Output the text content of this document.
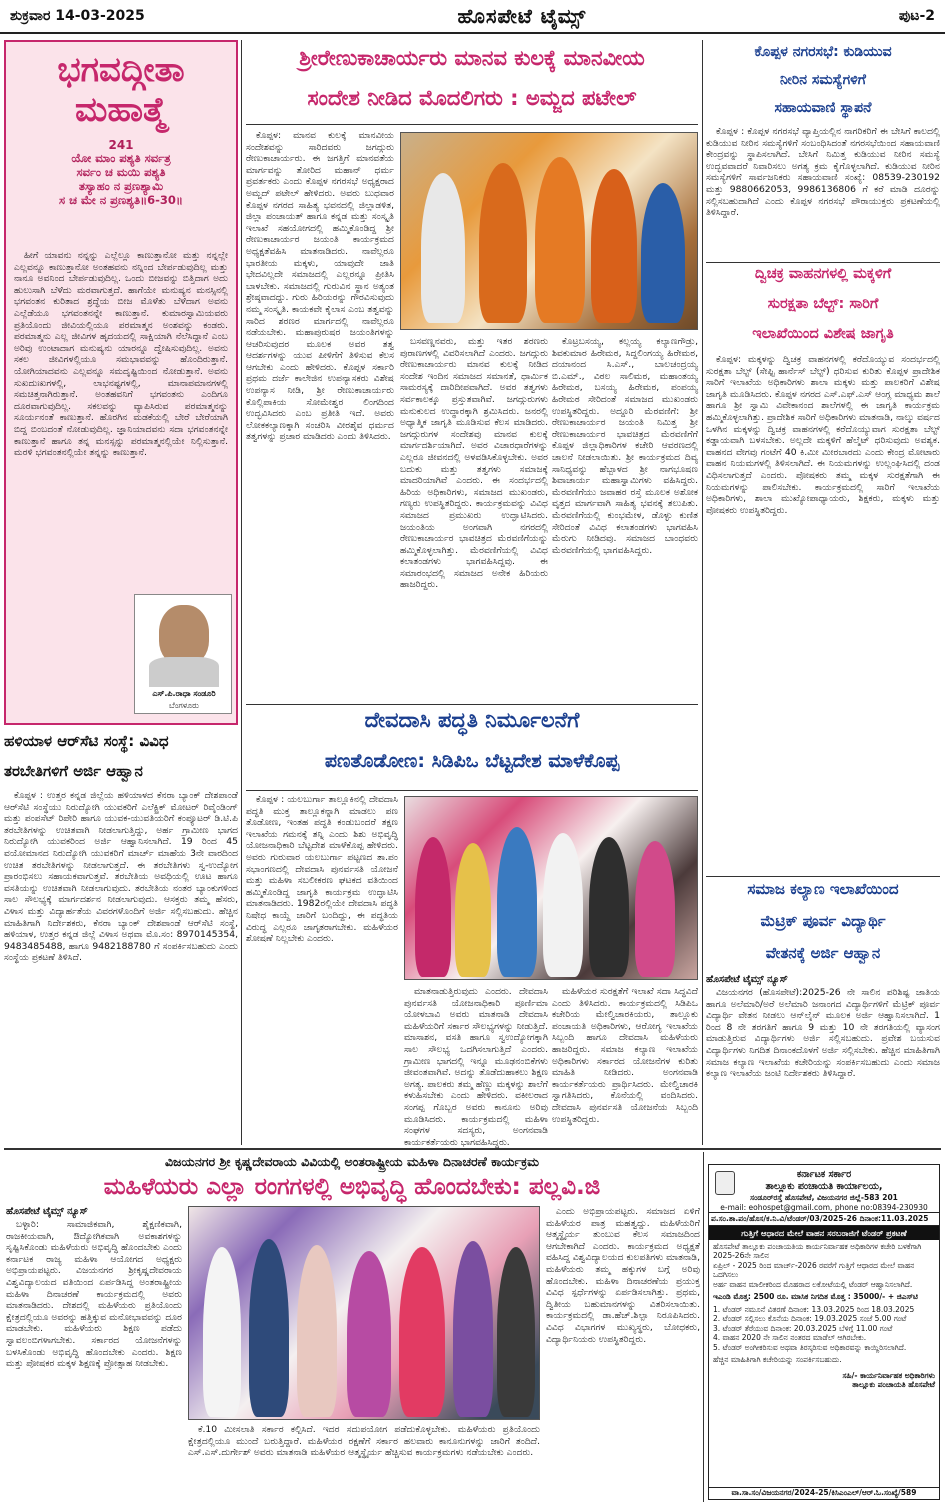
ಶುಕ್ರವಾರ 14-03-2025	ಹೊಸಪೇಟೆ ಟೈಮ್ಸ್	ಪುಟ-2
ಭಗವದ್ಗೀತಾ
ಮಹಾತ್ಮೆ
241
ಯೋ ಮಾಂ ಪಶ್ಯತಿ ಸರ್ವತ್ರ
ಸರ್ವಂ ಚ ಮಯಿ ಪಶ್ಯತಿ
ತಸ್ಯಾಹಂ ನ ಪ್ರಣಶ್ಯಾಮಿ
ಸ ಚ ಮೇ ನ ಪ್ರಣಶ್ಯತಿ॥6-30॥

ಹೀಗೆ ಯಾವನು ನನ್ನನ್ನು ಎಲ್ಲೆಲ್ಲೂ ಕಾಣುತ್ತಾನೋ ಮತ್ತು ನನ್ನಲ್ಲೇ ಎಲ್ಲವನ್ನೂ ಕಾಣುತ್ತಾನೋ ಅಂತಹವನು ನನ್ನಿಂದ ಬೇರ್ಪಡುವುದಿಲ್ಲ ಮತ್ತು ನಾನೂ ಅವನಿಂದ ಬೇರ್ಪಡುವುದಿಲ್ಲ. ಒಂದು ಬೀಜವನ್ನು ಬಿತ್ತಿದಾಗ ಅದು ಹುಲುಸಾಗಿ ಬೆಳೆದು ಮರವಾಗುತ್ತದೆ. ಹಾಗೆಯೇ ಮನುಷ್ಯನ ಮನಸ್ಸಿನಲ್ಲಿ ಭಗವಂತನ ಕುರಿತಾದ ಶ್ರದ್ಧೆಯ ಬೀಜ ಮೊಳೆತು ಬೆಳೆದಾಗ ಅವನು ಎಲ್ಲೆಡೆಯೂ ಭಗವಂತನನ್ನೇ ಕಾಣುತ್ತಾನೆ. ಕುಮಾರಸ್ವಾಮಿಯವರು ಪ್ರತಿಯೊಂದು ಜೀವಿಯಲ್ಲಿಯೂ ಪರಮಾತ್ಮನ ಅಂಶವನ್ನು ಕಂಡರು. ಪರಮಾತ್ಮನು ಎಲ್ಲ ಜೀವಿಗಳ ಹೃದಯದಲ್ಲಿ ಸಾಕ್ಷಿಯಾಗಿ ನೆಲೆಸಿದ್ದಾನೆ ಎಂಬ ಅರಿವು ಉಂಟಾದಾಗ ಮನುಷ್ಯನು ಯಾರನ್ನೂ ದ್ವೇಷಿಸುವುದಿಲ್ಲ. ಅವನು ಸಕಲ ಜೀವಿಗಳಲ್ಲಿಯೂ ಸಮಭಾವವನ್ನು ಹೊಂದಿರುತ್ತಾನೆ. ಯೋಗಿಯಾದವನು ಎಲ್ಲವನ್ನೂ ಸಮದೃಷ್ಟಿಯಿಂದ ನೋಡುತ್ತಾನೆ. ಅವನು ಸುಖದುಃಖಗಳಲ್ಲಿ, ಲಾಭನಷ್ಟಗಳಲ್ಲಿ, ಮಾನಾಪಮಾನಗಳಲ್ಲಿ ಸಮಚಿತ್ತನಾಗಿರುತ್ತಾನೆ. ಅಂತಹವನಿಗೆ ಭಗವಂತನು ಎಂದಿಗೂ ದೂರವಾಗುವುದಿಲ್ಲ. ಸಕಲವನ್ನು ವ್ಯಾಪಿಸಿರುವ ಪರಮಾತ್ಮನನ್ನು ಸೂರ್ಯನಂತೆ ಕಾಣುತ್ತಾನೆ. ಹೊರಗಿನ ಮಡಕೆಯಲ್ಲಿ ಬೇರೆ ಬೇರೆಯಾಗಿ ಬಿದ್ದ ಬಿಂಬದಂತೆ ನೋಡುವುದಿಲ್ಲ. ಜ್ಞಾನಿಯಾದವನು ಸದಾ ಭಗವಂತನನ್ನೇ ಕಾಣುತ್ತಾನೆ ಹಾಗೂ ತನ್ನ ಮನಸ್ಸನ್ನು ಪರಮಾತ್ಮನಲ್ಲಿಯೇ ನಿಲ್ಲಿಸುತ್ತಾನೆ. ಮರಳಿ ಭಗವಂತನಲ್ಲಿಯೇ ತನ್ನನ್ನು ಕಾಣುತ್ತಾನೆ.

ಎಸ್.ಪಿ.ರಾಧಾ ಸಂಡೂರಿ
ಬೆಂಗಳೂರು
ಹಳಿಯಾಳ ಆರ್‌ಸೆಟಿ ಸಂಸ್ಥೆ: ವಿವಿಧ
ತರಬೇತಿಗಳಿಗೆ ಅರ್ಜಿ ಆಹ್ವಾನ

ಕೊಪ್ಪಳ : ಉತ್ತರ ಕನ್ನಡ ಜಿಲ್ಲೆಯ ಹಳಿಯಾಳದ ಕೆನರಾ ಬ್ಯಾಂಕ್ ದೇಶಪಾಂಡೆ ಆರ್‌ಸೆಟಿ ಸಂಸ್ಥೆಯು ನಿರುದ್ಯೋಗಿ ಯುವಕರಿಗೆ ಎಲೆಕ್ಟ್ರಿಕ್ ಮೋಟರ್ ರಿವೈಂಡಿಂಗ್ ಮತ್ತು ಪಂಪಸೆಟ್ ರಿಪೇರಿ ಹಾಗೂ ಯುವಕ-ಯುವತಿಯರಿಗೆ ಕಂಪ್ಯೂಟರ್ ಡಿ.ಟಿ.ಪಿ ತರಬೇತಿಗಳನ್ನು ಉಚಿತವಾಗಿ ನೀಡಲಾಗುತ್ತಿದ್ದು, ಅರ್ಹ ಗ್ರಾಮೀಣ ಭಾಗದ ನಿರುದ್ಯೋಗಿ ಯುವಕರಿಂದ ಅರ್ಜಿ ಆಹ್ವಾನಿಸಲಾಗಿದೆ. 19 ರಿಂದ 45 ವಯೋಮಾನದ ನಿರುದ್ಯೋಗಿ ಯುವಕರಿಗೆ ಮಾರ್ಚ್ ಮಾಹೆಯ 3ನೇ ವಾರದಿಂದ ಉಚಿತ ತರಬೇತಿಗಳನ್ನು ನೀಡಲಾಗುತ್ತದೆ. ಈ ತರಬೇತಿಗಳು ಸ್ವ-ಉದ್ಯೋಗ ಪ್ರಾರಂಭಿಸಲು ಸಹಾಯಕವಾಗುತ್ತವೆ. ತರಬೇತಿಯ ಅವಧಿಯಲ್ಲಿ ಊಟ ಹಾಗೂ ವಸತಿಯನ್ನು ಉಚಿತವಾಗಿ ನೀಡಲಾಗುವುದು. ತರಬೇತಿಯ ನಂತರ ಬ್ಯಾಂಕುಗಳಿಂದ ಸಾಲ ಸೌಲಭ್ಯಕ್ಕೆ ಮಾರ್ಗದರ್ಶನ ನೀಡಲಾಗುವುದು. ಆಸಕ್ತರು ತಮ್ಮ ಹೆಸರು, ವಿಳಾಸ ಮತ್ತು ವಿದ್ಯಾರ್ಹತೆಯ ವಿವರಗಳೊಂದಿಗೆ ಅರ್ಜಿ ಸಲ್ಲಿಸಬಹುದು. ಹೆಚ್ಚಿನ ಮಾಹಿತಿಗಾಗಿ ನಿರ್ದೇಶಕರು, ಕೆನರಾ ಬ್ಯಾಂಕ್ ದೇಶಪಾಂಡೆ ಆರ್‌ಸೆಟಿ ಸಂಸ್ಥೆ, ಹಳಿಯಾಳ, ಉತ್ತರ ಕನ್ನಡ ಜಿಲ್ಲೆ ವಿಳಾಸ ಅಥವಾ ಮೊ.ಸಂ: 8970145354, 9483485488, ಹಾಗೂ 9482188780 ಗೆ ಸಂಪರ್ಕಿಸಬಹುದು ಎಂದು ಸಂಸ್ಥೆಯ ಪ್ರಕಟಣೆ ತಿಳಿಸಿದೆ.

ಶ್ರೀರೇಣುಕಾಚಾರ್ಯರು ಮಾನವ ಕುಲಕ್ಕೆ ಮಾನವೀಯ
ಸಂದೇಶ ನೀಡಿದ ಮೊದಲಿಗರು : ಅಮ್ಜದ ಪಟೇಲ್

ಕೊಪ್ಪಳ: ಮಾನವ ಕುಲಕ್ಕೆ ಮಾನವೀಯ ಸಂದೇಶವನ್ನು ಸಾರಿದವರು ಜಗದ್ಗುರು ರೇಣುಕಾಚಾರ್ಯರು. ಈ ಜಗತ್ತಿಗೆ ಮಾನವತೆಯ ಮಾರ್ಗವನ್ನು ತೋರಿದ ಮಹಾನ್ ಧರ್ಮ ಪ್ರವರ್ತಕರು ಎಂದು ಕೊಪ್ಪಳ ನಗರಸಭೆ ಅಧ್ಯಕ್ಷರಾದ ಅಮ್ಜದ್ ಪಟೇಲ್ ಹೇಳಿದರು. ಅವರು ಬುಧವಾರ ಕೊಪ್ಪಳ ನಗರದ ಸಾಹಿತ್ಯ ಭವನದಲ್ಲಿ ಜಿಲ್ಲಾಡಳಿತ, ಜಿಲ್ಲಾ ಪಂಚಾಯತ್ ಹಾಗೂ ಕನ್ನಡ ಮತ್ತು ಸಂಸ್ಕೃತಿ ಇಲಾಖೆ ಸಹಯೋಗದಲ್ಲಿ ಹಮ್ಮಿಕೊಂಡಿದ್ದ ಶ್ರೀ ರೇಣುಕಾಚಾರ್ಯರ ಜಯಂತಿ ಕಾರ್ಯಕ್ರಮದ ಅಧ್ಯಕ್ಷತೆವಹಿಸಿ ಮಾತನಾಡಿದರು. ನಾವೆಲ್ಲರೂ ಭಾರತೀಯ ಮಕ್ಕಳು, ಯಾವುದೇ ಜಾತಿ ಭೇದವಿಲ್ಲದೇ ಸಮಾಜದಲ್ಲಿ ಎಲ್ಲರನ್ನೂ ಪ್ರೀತಿಸಿ ಬಾಳಬೇಕು. ಸಮಾಜದಲ್ಲಿ ಗುರುವಿನ ಸ್ಥಾನ ಅತ್ಯಂತ ಶ್ರೇಷ್ಠವಾದದ್ದು. ಗುರು ಹಿರಿಯರನ್ನು ಗೌರವಿಸುವುದು ನಮ್ಮ ಸಂಸ್ಕೃತಿ. ಕಾಯಕವೇ ಕೈಲಾಸ ಎಂಬ ತತ್ವವನ್ನು ಸಾರಿದ ಶರಣರ ಮಾರ್ಗದಲ್ಲಿ ನಾವೆಲ್ಲರೂ ನಡೆಯಬೇಕು. ಮಹಾಪುರುಷರ ಜಯಂತಿಗಳನ್ನು ಆಚರಿಸುವುದರ ಮೂಲಕ ಅವರ ತತ್ವ ಆದರ್ಶಗಳನ್ನು ಯುವ ಪೀಳಿಗೆಗೆ ತಿಳಿಸುವ ಕೆಲಸ ಆಗಬೇಕು ಎಂದು ಹೇಳಿದರು. ಕೊಪ್ಪಳ ಸರ್ಕಾರಿ ಪ್ರಥಮ ದರ್ಜೆ ಕಾಲೇಜಿನ ಉಪನ್ಯಾಸಕರು ವಿಶೇಷ ಉಪನ್ಯಾಸ ನೀಡಿ, ಶ್ರೀ ರೇಣುಕಾಚಾರ್ಯರು ಕೊಲ್ಲಿಪಾಕಿಯ ಸೋಮೇಶ್ವರ ಲಿಂಗದಿಂದ ಉದ್ಭವಿಸಿದರು ಎಂಬ ಪ್ರತೀತಿ ಇದೆ. ಅವರು ಲೋಕಕಲ್ಯಾಣಕ್ಕಾಗಿ ಸಂಚರಿಸಿ ವೀರಶೈವ ಧರ್ಮದ ತತ್ವಗಳನ್ನು ಪ್ರಚಾರ ಮಾಡಿದರು ಎಂದು ತಿಳಿಸಿದರು.

ಬಸವಣ್ಣನವರು, ಮತ್ತು ಇತರ ಶರಣರು ಪುರಾಣಗಳಲ್ಲಿ ವಿವರಿಸಲಾಗಿದೆ ಎಂದರು. ಜಗದ್ಗುರು ರೇಣುಕಾಚಾರ್ಯರು ಮಾನವ ಕುಲಕ್ಕೆ ನೀಡಿದ ಸಂದೇಶ ಇಂದಿನ ಸಮಾಜದ ಸಮಾನತೆ, ಧಾರ್ಮಿಕ ಸಾಮರಸ್ಯಕ್ಕೆ ದಾರಿದೀಪವಾಗಿದೆ. ಅವರ ತತ್ವಗಳು ಸರ್ವಕಾಲಕ್ಕೂ ಪ್ರಸ್ತುತವಾಗಿವೆ. ಜಗದ್ಗುರುಗಳು ಮನುಕುಲದ ಉದ್ಧಾರಕ್ಕಾಗಿ ಶ್ರಮಿಸಿದರು. ಜನರಲ್ಲಿ ಅಧ್ಯಾತ್ಮಿಕ ಜಾಗೃತಿ ಮೂಡಿಸುವ ಕೆಲಸ ಮಾಡಿದರು. ಜಗದ್ಗುರುಗಳ ಸಂದೇಶವು ಮಾನವ ಕುಲಕ್ಕೆ ಮಾರ್ಗದರ್ಶಿಯಾಗಿದೆ. ಅವರ ವಿಚಾರಧಾರೆಗಳನ್ನು ಎಲ್ಲರೂ ಜೀವನದಲ್ಲಿ ಅಳವಡಿಸಿಕೊಳ್ಳಬೇಕು. ಅವರ ಬದುಕು ಮತ್ತು ತತ್ವಗಳು ಸಮಾಜಕ್ಕೆ ಮಾದರಿಯಾಗಿವೆ ಎಂದರು. ಈ ಸಂದರ್ಭದಲ್ಲಿ ಹಿರಿಯ ಅಧಿಕಾರಿಗಳು, ಸಮಾಜದ ಮುಖಂಡರು, ಗಣ್ಯರು ಉಪಸ್ಥಿತರಿದ್ದರು. ಕಾರ್ಯಕ್ರಮವನ್ನು ವಿವಿಧ ಸಮಾಜದ ಪ್ರಮುಖರು ಉದ್ಘಾಟಿಸಿದರು. ಜಯಂತಿಯ ಅಂಗವಾಗಿ ನಗರದಲ್ಲಿ ರೇಣುಕಾಚಾರ್ಯರ ಭಾವಚಿತ್ರದ ಮೆರವಣಿಗೆಯನ್ನು ಹಮ್ಮಿಕೊಳ್ಳಲಾಗಿತ್ತು. ಮೆರವಣಿಗೆಯಲ್ಲಿ ವಿವಿಧ ಕಲಾತಂಡಗಳು ಭಾಗವಹಿಸಿದ್ದವು. ಈ ಸಮಾರಂಭದಲ್ಲಿ ಸಮಾಜದ ಅನೇಕ ಹಿರಿಯರು ಹಾಜರಿದ್ದರು.

ಕೊಟ್ರಬಸಯ್ಯ, ಕಲ್ಲಯ್ಯ ಕಲ್ಯಾಣಗೌಡ್ರು, ಶಿವಕುಮಾರ ಹಿರೇಮಠ, ಸಿದ್ದಲಿಂಗಯ್ಯ ಹಿರೇಮಠ, ದಯಾನಂದ ಸಿ.ಎಸ್., ಬಾಲಚಂದ್ರಯ್ಯ ಬಿ.ಎಮ್., ವಿಠಲ ಸಾಲಿಮಠ, ಮಹಾಂತಯ್ಯ ಹಿರೇಮಠ, ಬಸಯ್ಯ ಹಿರೇಮಠ, ಪಂಪಯ್ಯ ಹಿರೇಮಠ ಸೇರಿದಂತೆ ಸಮಾಜದ ಮುಖಂಡರು ಉಪಸ್ಥಿತರಿದ್ದರು. ಅದ್ದೂರಿ ಮೆರವಣಿಗೆ: ಶ್ರೀ ರೇಣುಕಾಚಾರ್ಯರ ಜಯಂತಿ ನಿಮಿತ್ತ ಶ್ರೀ ರೇಣುಕಾಚಾರ್ಯರ ಭಾವಚಿತ್ರದ ಮೆರವಣಿಗೆಗೆ ಕೊಪ್ಪಳ ಜಿಲ್ಲಾಧಿಕಾರಿಗಳ ಕಚೇರಿ ಆವರಣದಲ್ಲಿ ಚಾಲನೆ ನೀಡಲಾಯಿತು. ಶ್ರೀ ಕಾರ್ಯಕ್ರಮದ ದಿವ್ಯ ಸಾನಿಧ್ಯವನ್ನು ಹೆಬ್ಬಾಳದ ಶ್ರೀ ನಾಗಭೂಷಣ ಶಿವಾಚಾರ್ಯ ಮಹಾಸ್ವಾಮಿಗಳು ವಹಿಸಿದ್ದರು. ಮೆರವಣಿಗೆಯು ಜವಾಹರ ರಸ್ತೆ ಮೂಲಕ ಅಶೋಕ ವೃತ್ತದ ಮಾರ್ಗವಾಗಿ ಸಾಹಿತ್ಯ ಭವನಕ್ಕೆ ತಲುಪಿತು. ಮೆರವಣಿಗೆಯಲ್ಲಿ ಕುಂಭಮೇಳ, ಡೊಳ್ಳು ಕುಣಿತ ಸೇರಿದಂತೆ ವಿವಿಧ ಕಲಾತಂಡಗಳು ಭಾಗವಹಿಸಿ ಮೆರುಗು ನೀಡಿದವು. ಸಮಾಜದ ಬಾಂಧವರು ಮೆರವಣಿಗೆಯಲ್ಲಿ ಭಾಗವಹಿಸಿದ್ದರು.

ದೇವದಾಸಿ ಪದ್ಧತಿ ನಿರ್ಮೂಲನೆಗೆ
ಪಣತೊಡೋಣ: ಸಿಡಿಪಿಒ ಬೆಟ್ಟದೇಶ ಮಾಳೆಕೊಪ್ಪ

ಕೊಪ್ಪಳ : ಯಲಬುರ್ಗಾ ತಾಲ್ಲೂಕಿನಲ್ಲಿ ದೇವದಾಸಿ ಪದ್ಧತಿ ಮುಕ್ತ ತಾಲ್ಲೂಕನ್ನಾಗಿ ಮಾಡಲು ಪಣ ತೊಡೋಣ, ಇಂತಹ ಪದ್ಧತಿ ಕಂಡುಬಂದರೆ ತಕ್ಷಣ ಇಲಾಖೆಯ ಗಮನಕ್ಕೆ ತನ್ನಿ ಎಂದು ಶಿಶು ಅಭಿವೃದ್ಧಿ ಯೋಜನಾಧಿಕಾರಿ ಬೆಟ್ಟದೇಶ ಮಾಳೆಕೊಪ್ಪ ಹೇಳಿದರು. ಅವರು ಗುರುವಾರ ಯಲಬುರ್ಗಾ ಪಟ್ಟಣದ ತಾ.ಪಂ ಸಭಾಂಗಣದಲ್ಲಿ ದೇವದಾಸಿ ಪುನರ್ವಸತಿ ಯೋಜನೆ ಮತ್ತು ಮಹಿಳಾ ಸಬಲೀಕರಣ ಘಟಕದ ವತಿಯಿಂದ ಹಮ್ಮಿಕೊಂಡಿದ್ದ ಜಾಗೃತಿ ಕಾರ್ಯಕ್ರಮ ಉದ್ಘಾಟಿಸಿ ಮಾತನಾಡಿದರು. 1982ರಲ್ಲಿಯೇ ದೇವದಾಸಿ ಪದ್ಧತಿ ನಿಷೇಧ ಕಾಯ್ದೆ ಜಾರಿಗೆ ಬಂದಿದ್ದು, ಈ ಪದ್ಧತಿಯ ವಿರುದ್ಧ ಎಲ್ಲರೂ ಜಾಗೃತರಾಗಬೇಕು. ಮಹಿಳೆಯರ ಶೋಷಣೆ ನಿಲ್ಲಬೇಕು ಎಂದರು.

ಮಾತನಾಡುತ್ತಿರುವುದು ಎಂದರು. ದೇವದಾಸಿ ಪುನರ್ವಸತಿ ಯೋಜನಾಧಿಕಾರಿ ಪೂರ್ಣಿಮಾ ಯೋಳಬಾವಿ ಅವರು ಮಾತನಾಡಿ ದೇವದಾಸಿ ಮಹಿಳೆಯರಿಗೆ ಸರ್ಕಾರ ಸೌಲಭ್ಯಗಳನ್ನು ನೀಡುತ್ತಿದೆ. ಮಾಸಾಶನ, ವಸತಿ ಹಾಗೂ ಸ್ವಉದ್ಯೋಗಕ್ಕಾಗಿ ಸಾಲ ಸೌಲಭ್ಯ ಒದಗಿಸಲಾಗುತ್ತಿದೆ ಎಂದರು. ಗ್ರಾಮೀಣ ಭಾಗದಲ್ಲಿ ಇನ್ನೂ ಮೂಢನಂಬಿಕೆಗಳು ಜೀವಂತವಾಗಿವೆ. ಅದನ್ನು ತೊಡೆದುಹಾಕಲು ಶಿಕ್ಷಣ ಅಗತ್ಯ. ಪಾಲಕರು ತಮ್ಮ ಹೆಣ್ಣು ಮಕ್ಕಳನ್ನು ಶಾಲೆಗೆ ಕಳುಹಿಸಬೇಕು ಎಂದು ಹೇಳಿದರು. ವಕೀಲರಾದ ಸಂಗಪ್ಪ ಗೊಬ್ಬರ ಅವರು ಕಾನೂನು ಅರಿವು ಮೂಡಿಸಿದರು. ಕಾರ್ಯಕ್ರಮದಲ್ಲಿ ಮಹಿಳಾ ಸಂಘಗಳ ಸದಸ್ಯರು, ಅಂಗನವಾಡಿ ಕಾರ್ಯಕರ್ತೆಯರು ಭಾಗವಹಿಸಿದ್ದರು.

ಮಹಿಳೆಯರ ಸುರಕ್ಷತೆಗೆ ಇಲಾಖೆ ಸದಾ ಸಿದ್ಧವಿದೆ ಎಂದು ತಿಳಿಸಿದರು. ಕಾರ್ಯಕ್ರಮದಲ್ಲಿ ಸಿಡಿಪಿಒ ಕಚೇರಿಯ ಮೇಲ್ವಿಚಾರಕಿಯರು, ತಾಲ್ಲೂಕು ಪಂಚಾಯತಿ ಅಧಿಕಾರಿಗಳು, ಆರೋಗ್ಯ ಇಲಾಖೆಯ ಸಿಬ್ಬಂದಿ ಹಾಗೂ ದೇವದಾಸಿ ಮಹಿಳೆಯರು ಹಾಜರಿದ್ದರು. ಸಮಾಜ ಕಲ್ಯಾಣ ಇಲಾಖೆಯ ಅಧಿಕಾರಿಗಳು ಸರ್ಕಾರದ ಯೋಜನೆಗಳ ಕುರಿತು ಮಾಹಿತಿ ನೀಡಿದರು. ಅಂಗನವಾಡಿ ಕಾರ್ಯಕರ್ತೆಯರು ಪ್ರಾರ್ಥಿಸಿದರು. ಮೇಲ್ವಿಚಾರಕಿ ಸ್ವಾಗತಿಸಿದರು, ಕೊನೆಯಲ್ಲಿ ವಂದಿಸಿದರು. ದೇವದಾಸಿ ಪುನರ್ವಸತಿ ಯೋಜನೆಯ ಸಿಬ್ಬಂದಿ ಉಪಸ್ಥಿತರಿದ್ದರು.

ಕೊಪ್ಪಳ ನಗರಸಭೆ: ಕುಡಿಯುವ
ನೀರಿನ ಸಮಸ್ಯೆಗಳಿಗೆ
ಸಹಾಯವಾಣಿ ಸ್ಥಾಪನೆ

ಕೊಪ್ಪಳ : ಕೊಪ್ಪಳ ನಗರಸಭೆ ವ್ಯಾಪ್ತಿಯಲ್ಲಿನ ನಾಗರಿಕರಿಗೆ ಈ ಬೇಸಿಗೆ ಕಾಲದಲ್ಲಿ ಕುಡಿಯುವ ನೀರಿನ ಸಮಸ್ಯೆಗಳಿಗೆ ಸಂಬಂಧಿಸಿದಂತೆ ನಗರಸಭೆಯಿಂದ ಸಹಾಯವಾಣಿ ಕೇಂದ್ರವನ್ನು ಸ್ಥಾಪಿಸಲಾಗಿದೆ. ಬೇಸಿಗೆ ನಿಮಿತ್ತ ಕುಡಿಯುವ ನೀರಿನ ಸಮಸ್ಯೆ ಉದ್ಭವವಾದರೆ ನಿವಾರಿಸಲು ಅಗತ್ಯ ಕ್ರಮ ಕೈಗೊಳ್ಳಲಾಗಿದೆ. ಕುಡಿಯುವ ನೀರಿನ ಸಮಸ್ಯೆಗಳಿಗೆ ಸಾರ್ವಜನಿಕರು ಸಹಾಯವಾಣಿ ಸಂಖ್ಯೆ: 08539-230192 ಮತ್ತು 9880662053, 9986136806 ಗೆ ಕರೆ ಮಾಡಿ ದೂರನ್ನು ಸಲ್ಲಿಸಬಹುದಾಗಿದೆ ಎಂದು ಕೊಪ್ಪಳ ನಗರಸಭೆ ಪೌರಾಯುಕ್ತರು ಪ್ರಕಟಣೆಯಲ್ಲಿ ತಿಳಿಸಿದ್ದಾರೆ.

ದ್ವಿಚಕ್ರ ವಾಹನಗಳಲ್ಲಿ ಮಕ್ಕಳಿಗೆ
ಸುರಕ್ಷತಾ ಬೆಲ್ಟ್: ಸಾರಿಗೆ
ಇಲಾಖೆಯಿಂದ ವಿಶೇಷ ಜಾಗೃತಿ

ಕೊಪ್ಪಳ: ಮಕ್ಕಳನ್ನು ದ್ವಿಚಕ್ರ ವಾಹನಗಳಲ್ಲಿ ಕರೆದೊಯ್ಯುವ ಸಂದರ್ಭದಲ್ಲಿ ಸುರಕ್ಷತಾ ಬೆಲ್ಟ್ (ಸೇಫ್ಟಿ ಹಾರ್ನೆಸ್ ಬೆಲ್ಟ್) ಧರಿಸುವ ಕುರಿತು ಕೊಪ್ಪಳ ಪ್ರಾದೇಶಿಕ ಸಾರಿಗೆ ಇಲಾಖೆಯ ಅಧಿಕಾರಿಗಳು ಶಾಲಾ ಮಕ್ಕಳು ಮತ್ತು ಪಾಲಕರಿಗೆ ವಿಶೇಷ ಜಾಗೃತಿ ಮೂಡಿಸಿದರು. ಕೊಪ್ಪಳ ನಗರದ ಎಸ್.ಎಫ್.ಎಸ್ ಆಂಗ್ಲ ಮಾಧ್ಯಮ ಶಾಲೆ ಹಾಗೂ ಶ್ರೀ ಸ್ವಾಮಿ ವಿವೇಕಾನಂದ ಶಾಲೆಗಳಲ್ಲಿ ಈ ಜಾಗೃತಿ ಕಾರ್ಯಕ್ರಮ ಹಮ್ಮಿಕೊಳ್ಳಲಾಗಿತ್ತು. ಪ್ರಾದೇಶಿಕ ಸಾರಿಗೆ ಅಧಿಕಾರಿಗಳು ಮಾತನಾಡಿ, ನಾಲ್ಕು ವರ್ಷದ ಒಳಗಿನ ಮಕ್ಕಳನ್ನು ದ್ವಿಚಕ್ರ ವಾಹನಗಳಲ್ಲಿ ಕರೆದೊಯ್ಯುವಾಗ ಸುರಕ್ಷತಾ ಬೆಲ್ಟ್ ಕಡ್ಡಾಯವಾಗಿ ಬಳಸಬೇಕು. ಅಲ್ಲದೇ ಮಕ್ಕಳಿಗೆ ಹೆಲ್ಮೆಟ್ ಧರಿಸುವುದು ಅವಶ್ಯಕ. ವಾಹನದ ವೇಗವು ಗಂಟೆಗೆ 40 ಕಿ.ಮೀ ಮೀರಬಾರದು ಎಂದು ಕೇಂದ್ರ ಮೋಟಾರು ವಾಹನ ನಿಯಮಗಳಲ್ಲಿ ತಿಳಿಸಲಾಗಿದೆ. ಈ ನಿಯಮಗಳನ್ನು ಉಲ್ಲಂಘಿಸಿದಲ್ಲಿ ದಂಡ ವಿಧಿಸಲಾಗುತ್ತದೆ ಎಂದರು. ಪೋಷಕರು ತಮ್ಮ ಮಕ್ಕಳ ಸುರಕ್ಷತೆಗಾಗಿ ಈ ನಿಯಮಗಳನ್ನು ಪಾಲಿಸಬೇಕು. ಕಾರ್ಯಕ್ರಮದಲ್ಲಿ ಸಾರಿಗೆ ಇಲಾಖೆಯ ಅಧಿಕಾರಿಗಳು, ಶಾಲಾ ಮುಖ್ಯೋಪಾಧ್ಯಾಯರು, ಶಿಕ್ಷಕರು, ಮಕ್ಕಳು ಮತ್ತು ಪೋಷಕರು ಉಪಸ್ಥಿತರಿದ್ದರು.

ಸಮಾಜ ಕಲ್ಯಾಣ ಇಲಾಖೆಯಿಂದ
ಮೆಟ್ರಿಕ್ ಪೂರ್ವ ವಿದ್ಯಾರ್ಥಿ
ವೇತನಕ್ಕೆ ಅರ್ಜಿ ಆಹ್ವಾನ
ಹೊಸಪೇಟೆ ಟೈಮ್ಸ್ ನ್ಯೂಸ್

ವಿಜಯನಗರ (ಹೊಸಪೇಟೆ):2025-26 ನೇ ಸಾಲಿನ ಪರಿಶಿಷ್ಟ ಜಾತಿಯ ಹಾಗೂ ಅಲೆಮಾರಿ/ಅರೆ ಅಲೆಮಾರಿ ಜನಾಂಗದ ವಿದ್ಯಾರ್ಥಿಗಳಿಗೆ ಮೆಟ್ರಿಕ್ ಪೂರ್ವ ವಿದ್ಯಾರ್ಥಿ ವೇತನ ನೀಡಲು ಆನ್‌ಲೈನ್ ಮೂಲಕ ಅರ್ಜಿ ಆಹ್ವಾನಿಸಲಾಗಿದೆ. 1 ರಿಂದ 8 ನೇ ತರಗತಿಗೆ ಹಾಗೂ 9 ಮತ್ತು 10 ನೇ ತರಗತಿಯಲ್ಲಿ ವ್ಯಾಸಂಗ ಮಾಡುತ್ತಿರುವ ವಿದ್ಯಾರ್ಥಿಗಳು ಅರ್ಜಿ ಸಲ್ಲಿಸಬಹುದು. ಪ್ರವೇಶ ಬಯಸುವ ವಿದ್ಯಾರ್ಥಿಗಳು ನಿಗದಿತ ದಿನಾಂಕದೊಳಗೆ ಅರ್ಜಿ ಸಲ್ಲಿಸಬೇಕು. ಹೆಚ್ಚಿನ ಮಾಹಿತಿಗಾಗಿ ಸಮಾಜ ಕಲ್ಯಾಣ ಇಲಾಖೆಯ ಕಚೇರಿಯನ್ನು ಸಂಪರ್ಕಿಸಬಹುದು ಎಂದು ಸಮಾಜ ಕಲ್ಯಾಣ ಇಲಾಖೆಯ ಜಂಟಿ ನಿರ್ದೇಶಕರು ತಿಳಿಸಿದ್ದಾರೆ.

ವಿಜಯನಗರ ಶ್ರೀ ಕೃಷ್ಣದೇವರಾಯ ವಿವಿಯಲ್ಲಿ ಅಂತರಾಷ್ಟ್ರೀಯ ಮಹಿಳಾ ದಿನಾಚರಣೆ ಕಾರ್ಯಕ್ರಮ
ಮಹಿಳೆಯರು ಎಲ್ಲಾ ರಂಗಗಳಲ್ಲಿ ಅಭಿವೃದ್ಧಿ ಹೊಂದಬೇಕು: ಪಲ್ಲವಿ.ಜಿ
ಹೊಸಪೇಟೆ ಟೈಮ್ಸ್ ನ್ಯೂಸ್

ಬಳ್ಳಾರಿ: ಸಾಮಾಜಿಕವಾಗಿ, ಶೈಕ್ಷಣಿಕವಾಗಿ, ರಾಜಕೀಯವಾಗಿ, ಔದ್ಯೋಗಿಕವಾಗಿ ಅವಕಾಶಗಳನ್ನು ಸೃಷ್ಟಿಸಿಕೊಂಡು ಮಹಿಳೆಯರು ಅಭಿವೃದ್ಧಿ ಹೊಂದಬೇಕು ಎಂದು ಕರ್ನಾಟಕ ರಾಜ್ಯ ಮಹಿಳಾ ಆಯೋಗದ ಅಧ್ಯಕ್ಷರು ಅಭಿಪ್ರಾಯಪಟ್ಟರು. ವಿಜಯನಗರ ಶ್ರೀಕೃಷ್ಣದೇವರಾಯ ವಿಶ್ವವಿದ್ಯಾಲಯದ ವತಿಯಿಂದ ಏರ್ಪಡಿಸಿದ್ದ ಅಂತರಾಷ್ಟ್ರೀಯ ಮಹಿಳಾ ದಿನಾಚರಣೆ ಕಾರ್ಯಕ್ರಮದಲ್ಲಿ ಅವರು ಮಾತನಾಡಿದರು. ದೇಶದಲ್ಲಿ ಮಹಿಳೆಯರು ಪ್ರತಿಯೊಂದು ಕ್ಷೇತ್ರದಲ್ಲಿಯೂ ಅವರನ್ನು ಹತ್ತಿಕ್ಕುವ ಮನೋಭಾವವನ್ನು ದೂರ ಮಾಡಬೇಕು. ಮಹಿಳೆಯರು ಶಿಕ್ಷಣ ಪಡೆದು ಸ್ವಾವಲಂಬಿಗಳಾಗಬೇಕು. ಸರ್ಕಾರದ ಯೋಜನೆಗಳನ್ನು ಬಳಸಿಕೊಂಡು ಅಭಿವೃದ್ಧಿ ಹೊಂದಬೇಕು ಎಂದರು. ಶಿಕ್ಷಣ ಮತ್ತು ಪೋಷಕರ ಮಕ್ಕಳ ಶಿಕ್ಷಣಕ್ಕೆ ಪ್ರೋತ್ಸಾಹ ನೀಡಬೇಕು.

ಕೆ.10 ಮೀಸಲಾತಿ ಸರ್ಕಾರ ಕಲ್ಪಿಸಿದೆ. ಇದರ ಸದುಪಯೋಗ ಪಡೆದುಕೊಳ್ಳಬೇಕು. ಮಹಿಳೆಯರು ಪ್ರತಿಯೊಂದು ಕ್ಷೇತ್ರದಲ್ಲಿಯೂ ಮುಂದೆ ಬರುತ್ತಿದ್ದಾರೆ. ಮಹಿಳೆಯರ ರಕ್ಷಣೆಗೆ ಸರ್ಕಾರ ಹಲವಾರು ಕಾನೂನುಗಳನ್ನು ಜಾರಿಗೆ ತಂದಿದೆ. ಎಸ್.ಎಸ್.ದುರ್ಗೇಶ್ ಅವರು ಮಾತನಾಡಿ ಮಹಿಳೆಯರ ಆತ್ಮಸ್ಥೈರ್ಯ ಹೆಚ್ಚಿಸುವ ಕಾರ್ಯಕ್ರಮಗಳು ನಡೆಯಬೇಕು ಎಂದರು.

ಎಂದು ಅಭಿಪ್ರಾಯಪಟ್ಟರು. ಸಮಾಜದ ಏಳಿಗೆ ಮಹಿಳೆಯರ ಪಾತ್ರ ಮಹತ್ವದ್ದು. ಮಹಿಳೆಯರಿಗೆ ಆತ್ಮಸ್ಥೈರ್ಯ ತುಂಬುವ ಕೆಲಸ ಸಮಾಜದಿಂದ ಆಗಬೇಕಾಗಿದೆ ಎಂದರು. ಕಾರ್ಯಕ್ರಮದ ಅಧ್ಯಕ್ಷತೆ ವಹಿಸಿದ್ದ ವಿಶ್ವವಿದ್ಯಾಲಯದ ಕುಲಪತಿಗಳು ಮಾತನಾಡಿ, ಮಹಿಳೆಯರು ತಮ್ಮ ಹಕ್ಕುಗಳ ಬಗ್ಗೆ ಅರಿವು ಹೊಂದಬೇಕು. ಮಹಿಳಾ ದಿನಾಚರಣೆಯ ಪ್ರಯುಕ್ತ ವಿವಿಧ ಸ್ಪರ್ಧೆಗಳನ್ನು ಏರ್ಪಡಿಸಲಾಗಿತ್ತು. ಪ್ರಥಮ, ದ್ವಿತೀಯ ಬಹುಮಾನಗಳನ್ನು ವಿತರಿಸಲಾಯಿತು. ಕಾರ್ಯಕ್ರಮದಲ್ಲಿ ಡಾ.ಹೆಚ್.ಶಿಲ್ಪಾ ನಿರೂಪಿಸಿದರು. ವಿವಿಧ ವಿಭಾಗಗಳ ಮುಖ್ಯಸ್ಥರು, ಬೋಧಕರು, ವಿದ್ಯಾರ್ಥಿನಿಯರು ಉಪಸ್ಥಿತರಿದ್ದರು.

ಕರ್ನಾಟಕ ಸರ್ಕಾರ
ತಾಲ್ಲೂಕು ಪಂಚಾಯತಿ ಕಾರ್ಯಾಲಯ,
ಸಂಡೂರ್‌ರಸ್ತೆ ಹೊಸಪೇಟೆ, ವಿಜಯನಗರ ಜಿಲ್ಲೆ-583 201
e-mail: eohospet@gmail.com, phone no:08394-230930
ಪ.ಸಂ.ತಾ.ಪಂ/ಹೊಸ/ಕ.ನಿ.ವಿ/ಟೆಂಡರ್/03/2025-26 ದಿನಾಂಕ:11.03.2025
ಗುತ್ತಿಗೆ ಆಧಾರದ ಮೇಲೆ ವಾಹನ ಸರಬರಾಜಿಗೆ ಟೆಂಡರ್ ಪ್ರಕಟಣೆ
ಹೊಸಪೇಟೆ ತಾಲ್ಲೂಕು ಪಂಚಾಯತಿಯ ಕಾರ್ಯನಿರ್ವಾಹಕ ಅಧಿಕಾರಿಗಳ ಕಚೇರಿ ಬಳಕೆಗಾಗಿ 2025-26ನೇ ಸಾಲಿನ
ಏಪ್ರಿಲ್ - 2025 ರಿಂದ ಮಾರ್ಚ್-2026 ರವರೆಗೆ ಗುತ್ತಿಗೆ ಆಧಾರದ ಮೇಲೆ ವಾಹನ ಒದಗಿಸಲು
ಅರ್ಹ ವಾಹನ ಮಾಲೀಕರಿಂದ ಮೊಹರಾದ ಲಕೋಟೆಯಲ್ಲಿ ಟೆಂಡರ್ ಆಹ್ವಾನಿಸಲಾಗಿದೆ.
ಇಎಂಡಿ ಮೊತ್ತ: 2500 ರೂ. ಮಾಸಿಕ ನಿಗದಿತ ಮೊತ್ತ : 35000/- + ಜಿಎಸ್‌ಟಿ
1. ಟೆಂಡರ್ ನಮೂನೆ ವಿತರಣೆ ದಿನಾಂಕ: 13.03.2025 ರಿಂದ 18.03.2025
2. ಟೆಂಡರ್ ಸಲ್ಲಿಸಲು ಕೊನೆಯ ದಿನಾಂಕ: 19.03.2025 ಸಂಜೆ 5.00 ಗಂಟೆ
3. ಟೆಂಡರ್ ತೆರೆಯುವ ದಿನಾಂಕ: 20.03.2025 ಬೆಳಿಗ್ಗೆ 11.00 ಗಂಟೆ
4. ವಾಹನ 2020 ನೇ ಸಾಲಿನ ನಂತರದ ಮಾಡೆಲ್ ಆಗಿರಬೇಕು.
5. ಟೆಂಡರ್ ಅಂಗೀಕರಿಸುವ ಅಥವಾ ತಿರಸ್ಕರಿಸುವ ಅಧಿಕಾರವನ್ನು ಕಾಯ್ದಿರಿಸಲಾಗಿದೆ.
ಹೆಚ್ಚಿನ ಮಾಹಿತಿಗಾಗಿ ಕಚೇರಿಯನ್ನು ಸಂಪರ್ಕಿಸಬಹುದು.
ಸಹಿ/- ಕಾರ್ಯನಿರ್ವಾಹಕ ಅಧಿಕಾರಿಗಳು
ತಾಲ್ಲೂಕು ಪಂಚಾಯತಿ ಹೊಸಪೇಟೆ
ವಾ.ಸಾ.ಸಂ/ವಿಜಯನಗರ/2024-25/ಕಿಸಿಎಂಎಲ್/ಆರ್.ಓ.ಸಂಖ್ಯೆ/589
